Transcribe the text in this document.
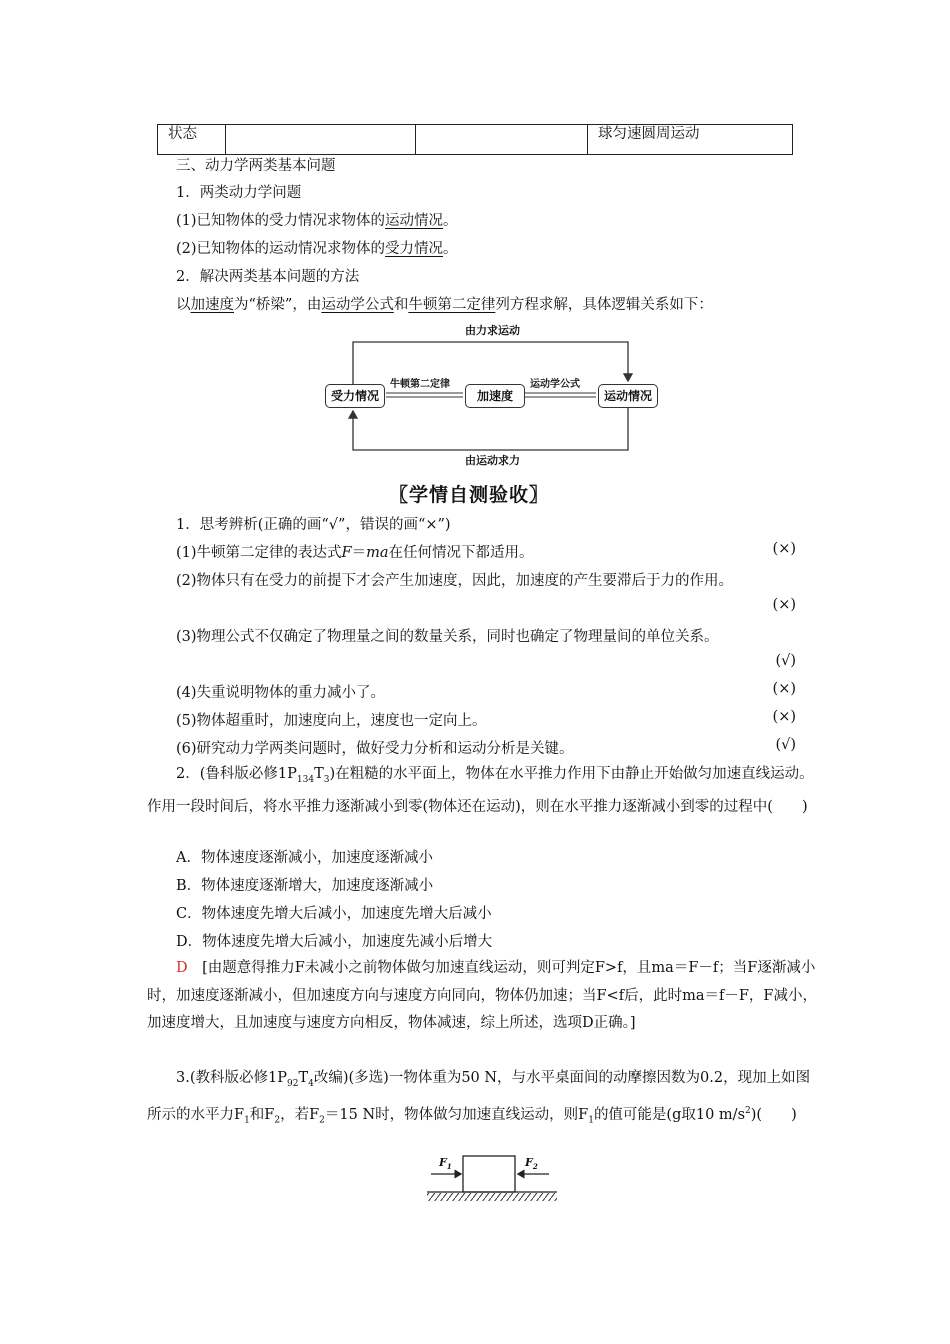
状态			球匀速圆周运动
三、动力学两类基本问题
1．两类动力学问题
(1)已知物体的受力情况求物体的运动情况。
(2)已知物体的运动情况求物体的受力情况。
2．解决两类基本问题的方法
以加速度为“桥梁”，由运动学公式和牛顿第二定律列方程求解，具体逻辑关系如下：
由力求运动
由运动求力
受力情况	加速度	运动情况
牛顿第二定律	运动学公式
〖学情自测验收〗
1．思考辨析(正确的画“√”，错误的画“×”)
(1)牛顿第二定律的表达式F＝ma在任何情况下都适用。	(×)
(2)物体只有在受力的前提下才会产生加速度，因此，加速度的产生要滞后于力的作用。
(×)
(3)物理公式不仅确定了物理量之间的数量关系，同时也确定了物理量间的单位关系。
(√)
(4)失重说明物体的重力减小了。	(×)
(5)物体超重时，加速度向上，速度也一定向上。	(×)
(6)研究动力学两类问题时，做好受力分析和运动分析是关键。	(√)
2．(鲁科版必修$1P_{134}T_3$)在粗糙的水平面上，物体在水平推力作用下由静止开始做匀加速直线运动。作用一段时间后，将水平推力逐渐减小到零(物体还在运动)，则在水平推力逐渐减小到零的过程中(　　)
A．物体速度逐渐减小，加速度逐渐减小
B．物体速度逐渐增大，加速度逐渐减小
C．物体速度先增大后减小，加速度先增大后减小
D．物体速度先增大后减小，加速度先减小后增大
D　 [由题意得推力F未减小之前物体做匀加速直线运动，则可判定F>f，且ma＝F－f；当F逐渐减小时，加速度逐渐减小，但加速度方向与速度方向同向，物体仍加速；当F<f后，此时ma＝f－F，F减小，加速度增大，且加速度与速度方向相反，物体减速，综上所述，选项D正确。]
3.(教科版必修$1P_{92}T_4$改编)(多选)一物体重为50 N，与水平桌面间的动摩擦因数为0.2，现加上如图所示的水平力$F_1$和$F_2$，若$F_2=15$ N时，物体做匀加速直线运动，则$F_1$的值可能是(g取10 $m/s^2$)(　　)
$F_1$	$F_2$
